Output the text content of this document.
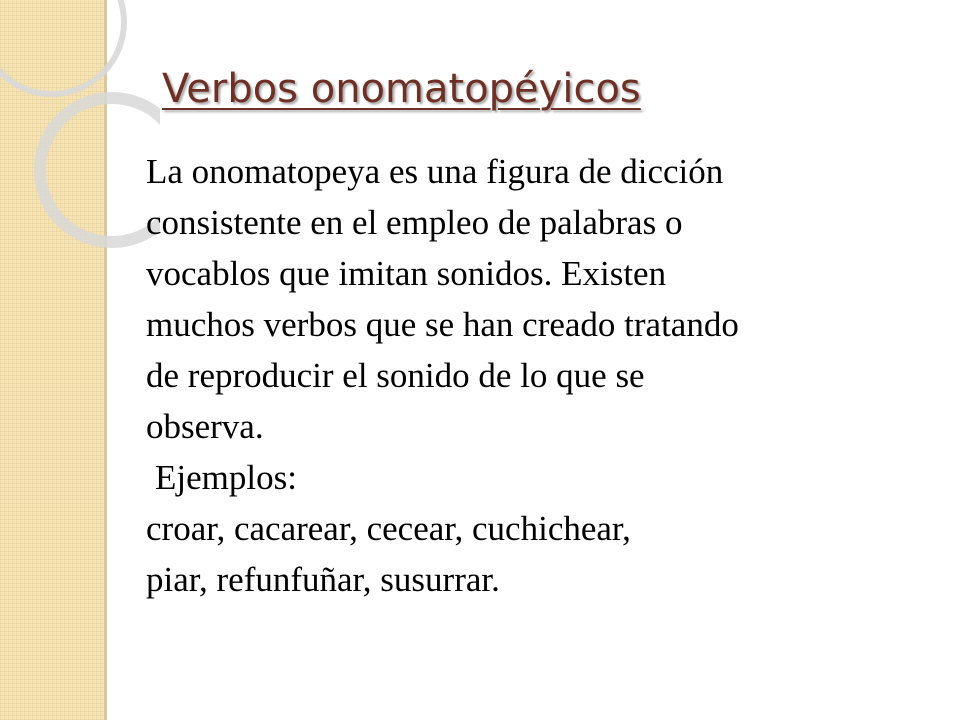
Verbos onomatopéyicos

La onomatopeya es una figura de dicción

consistente en el empleo de palabras o

vocablos que imitan sonidos. Existen

muchos verbos que se han creado tratando

de reproducir el sonido de lo que se

observa.

Ejemplos:

croar, cacarear, cecear, cuchichear,

piar, refunfuñar, susurrar.
